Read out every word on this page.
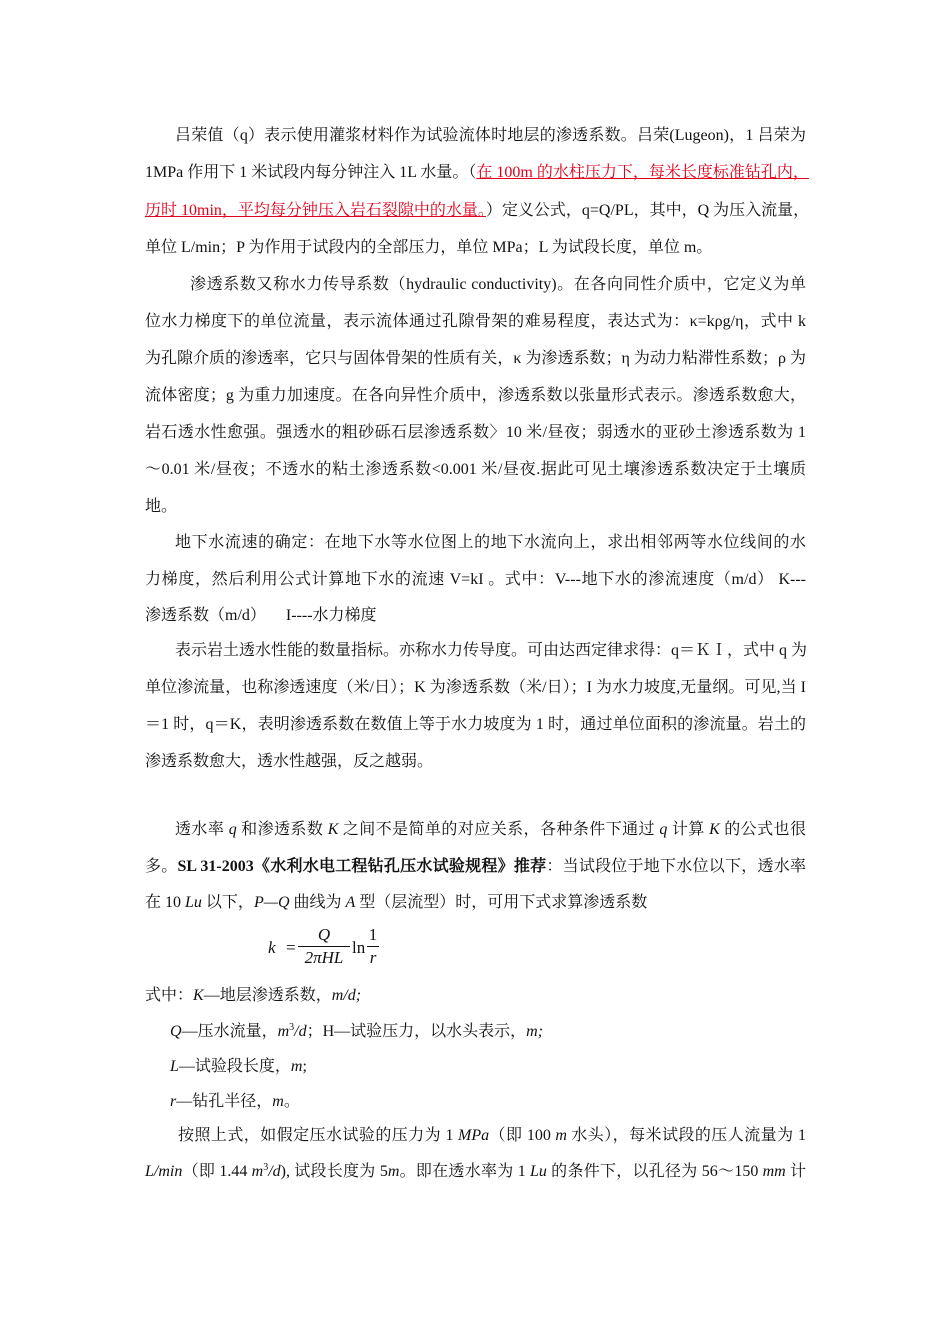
吕荣值（q）表示使用灌浆材料作为试验流体时地层的渗透系数。吕荣(Lugeon)，1 吕荣为
1MPa 作用下 1 米试段内每分钟注入 1L 水量。（在 100m 的水柱压力下，每米长度标准钻孔内，
历时 10min，平均每分钟压入岩石裂隙中的水量。）定义公式，q=Q/PL，其中，Q 为压入流量，
单位 L/min；P 为作用于试段内的全部压力，单位 MPa；L 为试段长度，单位 m。
渗透系数又称水力传导系数（hydraulic conductivity)。在各向同性介质中，它定义为单
位水力梯度下的单位流量，表示流体通过孔隙骨架的难易程度，表达式为：κ=kρg/η，式中 k
为孔隙介质的渗透率，它只与固体骨架的性质有关，κ 为渗透系数；η 为动力粘滞性系数；ρ 为
流体密度；g 为重力加速度。在各向异性介质中，渗透系数以张量形式表示。渗透系数愈大，
岩石透水性愈强。强透水的粗砂砾石层渗透系数〉10 米/昼夜；弱透水的亚砂土渗透系数为 1
～0.01 米/昼夜；不透水的粘土渗透系数<0.001 米/昼夜.据此可见土壤渗透系数决定于土壤质
地。
地下水流速的确定：在地下水等水位图上的地下水流向上，求出相邻两等水位线间的水
力梯度，然后利用公式计算地下水的流速 V=kI 。式中：V---地下水的渗流速度（m/d） K---
渗透系数（m/d）     I----水力梯度
表示岩土透水性能的数量指标。亦称水力传导度。可由达西定律求得：q＝ＫＩ，式中 q 为
单位渗流量，也称渗透速度（米/日）；K 为渗透系数（米/日）；I 为水力坡度,无量纲。可见,当 I
＝1 时，q＝K，表明渗透系数在数值上等于水力坡度为 1 时，通过单位面积的渗流量。岩土的
渗透系数愈大，透水性越强，反之越弱。
透水率 q 和渗透系数 K 之间不是简单的对应关系，各种条件下通过 q 计算 K 的公式也很
多。SL 31-2003《水利水电工程钻孔压水试验规程》推荐：当试段位于地下水位以下，透水率
在 10 Lu 以下，P—Q 曲线为 A 型（层流型）时，可用下式求算渗透系数
k =
Q
2πHL
ln
1
r
式中：K—地层渗透系数，m/d;
Q—压水流量，$m^3/d$；H—试验压力，以水头表示，m;
L—试验段长度，m;
r—钻孔半径，m。
按照上式，如假定压水试验的压力为 1 MPa（即 100 m 水头），每米试段的压人流量为 1
L/min（即 1.44 $m^3/d$), 试段长度为 5m。即在透水率为 1 Lu 的条件下，以孔径为 56～150 mm 计
